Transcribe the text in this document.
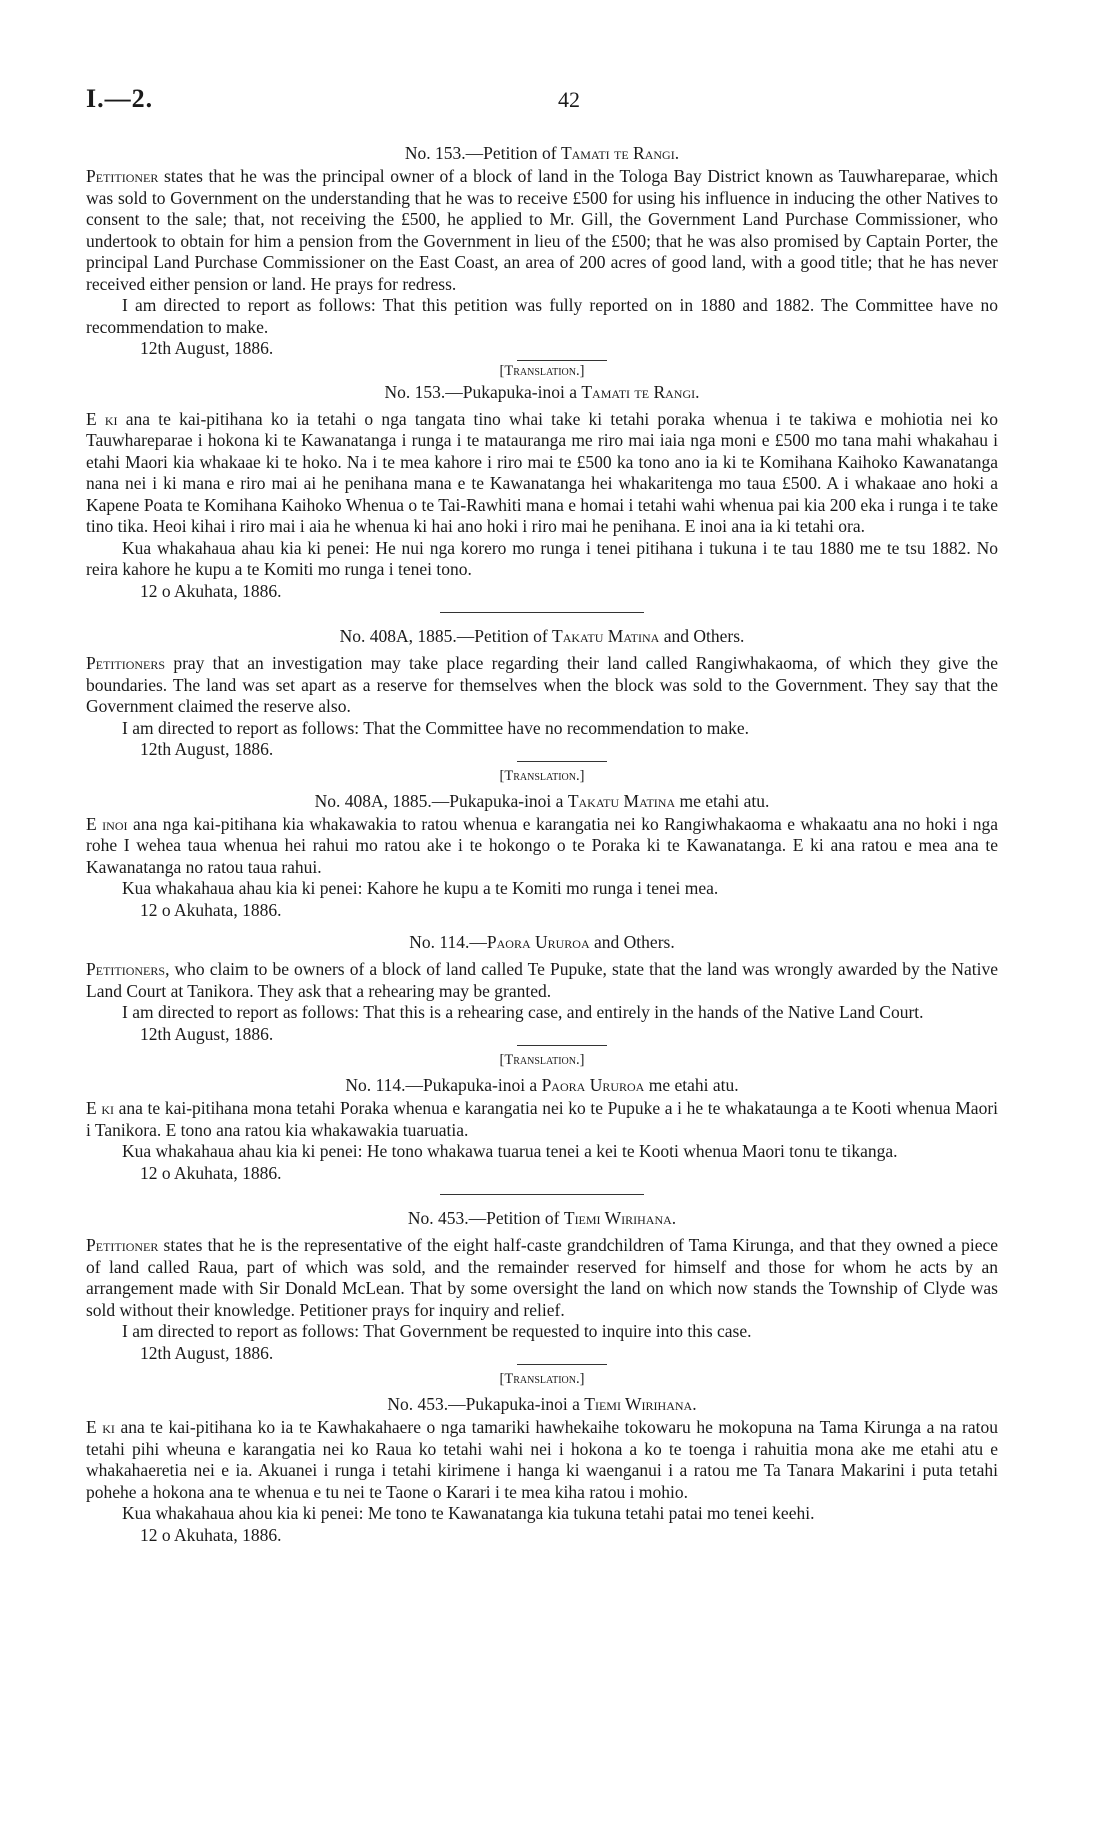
I.—2.	42
No. 153.—Petition of Tamati te Rangi.

Petitioner states that he was the principal owner of a block of land in the Tologa Bay District known as Tauwhareparae, which was sold to Government on the understanding that he was to receive £500 for using his influence in inducing the other Natives to consent to the sale; that, not receiving the £500, he applied to Mr. Gill, the Government Land Purchase Commissioner, who undertook to obtain for him a pension from the Government in lieu of the £500; that he was also promised by Captain Porter, the principal Land Purchase Commissioner on the East Coast, an area of 200 acres of good land, with a good title; that he has never received either pension or land. He prays for redress.

I am directed to report as follows: That this petition was fully reported on in 1880 and 1882. The Committee have no recommendation to make.

12th August, 1886.
[Translation.]
No. 153.—Pukapuka-inoi a Tamati te Rangi.

E ki ana te kai-pitihana ko ia tetahi o nga tangata tino whai take ki tetahi poraka whenua i te takiwa e mohiotia nei ko Tauwhareparae i hokona ki te Kawanatanga i runga i te matauranga me riro mai iaia nga moni e £500 mo tana mahi whakahau i etahi Maori kia whakaae ki te hoko. Na i te mea kahore i riro mai te £500 ka tono ano ia ki te Komihana Kaihoko Kawanatanga nana nei i ki mana e riro mai ai he penihana mana e te Kawanatanga hei whakaritenga mo taua £500. A i whakaae ano hoki a Kapene Poata te Komihana Kaihoko Whenua o te Tai-Rawhiti mana e homai i tetahi wahi whenua pai kia 200 eka i runga i te take tino tika. Heoi kihai i riro mai i aia he whenua ki hai ano hoki i riro mai he penihana. E inoi ana ia ki tetahi ora.

Kua whakahaua ahau kia ki penei: He nui nga korero mo runga i tenei pitihana i tukuna i te tau 1880 me te tsu 1882. No reira kahore he kupu a te Komiti mo runga i tenei tono.

12 o Akuhata, 1886.
No. 408A, 1885.—Petition of Takatu Matina and Others.

Petitioners pray that an investigation may take place regarding their land called Rangiwhakaoma, of which they give the boundaries. The land was set apart as a reserve for themselves when the block was sold to the Government. They say that the Government claimed the reserve also.

I am directed to report as follows: That the Committee have no recommendation to make.

12th August, 1886.
[Translation.]
No. 408A, 1885.—Pukapuka-inoi a Takatu Matina me etahi atu.

E inoi ana nga kai-pitihana kia whakawakia to ratou whenua e karangatia nei ko Rangiwhakaoma e whakaatu ana no hoki i nga rohe I wehea taua whenua hei rahui mo ratou ake i te hokongo o te Poraka ki te Kawanatanga. E ki ana ratou e mea ana te Kawanatanga no ratou taua rahui.

Kua whakahaua ahau kia ki penei: Kahore he kupu a te Komiti mo runga i tenei mea.

12 o Akuhata, 1886.
No. 114.—Paora Ururoa and Others.

Petitioners, who claim to be owners of a block of land called Te Pupuke, state that the land was wrongly awarded by the Native Land Court at Tanikora. They ask that a rehearing may be granted.

I am directed to report as follows: That this is a rehearing case, and entirely in the hands of the Native Land Court.

12th August, 1886.
[Translation.]
No. 114.—Pukapuka-inoi a Paora Ururoa me etahi atu.

E ki ana te kai-pitihana mona tetahi Poraka whenua e karangatia nei ko te Pupuke a i he te whakataunga a te Kooti whenua Maori i Tanikora. E tono ana ratou kia whakawakia tuaruatia.

Kua whakahaua ahau kia ki penei: He tono whakawa tuarua tenei a kei te Kooti whenua Maori tonu te tikanga.

12 o Akuhata, 1886.
No. 453.—Petition of Tiemi Wirihana.

Petitioner states that he is the representative of the eight half-caste grandchildren of Tama Kirunga, and that they owned a piece of land called Raua, part of which was sold, and the remainder reserved for himself and those for whom he acts by an arrangement made with Sir Donald McLean. That by some oversight the land on which now stands the Township of Clyde was sold without their knowledge. Petitioner prays for inquiry and relief.

I am directed to report as follows: That Government be requested to inquire into this case.

12th August, 1886.
[Translation.]
No. 453.—Pukapuka-inoi a Tiemi Wirihana.

E ki ana te kai-pitihana ko ia te Kawhakahaere o nga tamariki hawhekaihe tokowaru he mokopuna na Tama Kirunga a na ratou tetahi pihi wheuna e karangatia nei ko Raua ko tetahi wahi nei i hokona a ko te toenga i rahuitia mona ake me etahi atu e whakahaeretia nei e ia. Akuanei i runga i tetahi kirimene i hanga ki waenganui i a ratou me Ta Tanara Makarini i puta tetahi pohehe a hokona ana te whenua e tu nei te Taone o Karari i te mea kiha ratou i mohio.

Kua whakahaua ahou kia ki penei: Me tono te Kawanatanga kia tukuna tetahi patai mo tenei keehi.

12 o Akuhata, 1886.
